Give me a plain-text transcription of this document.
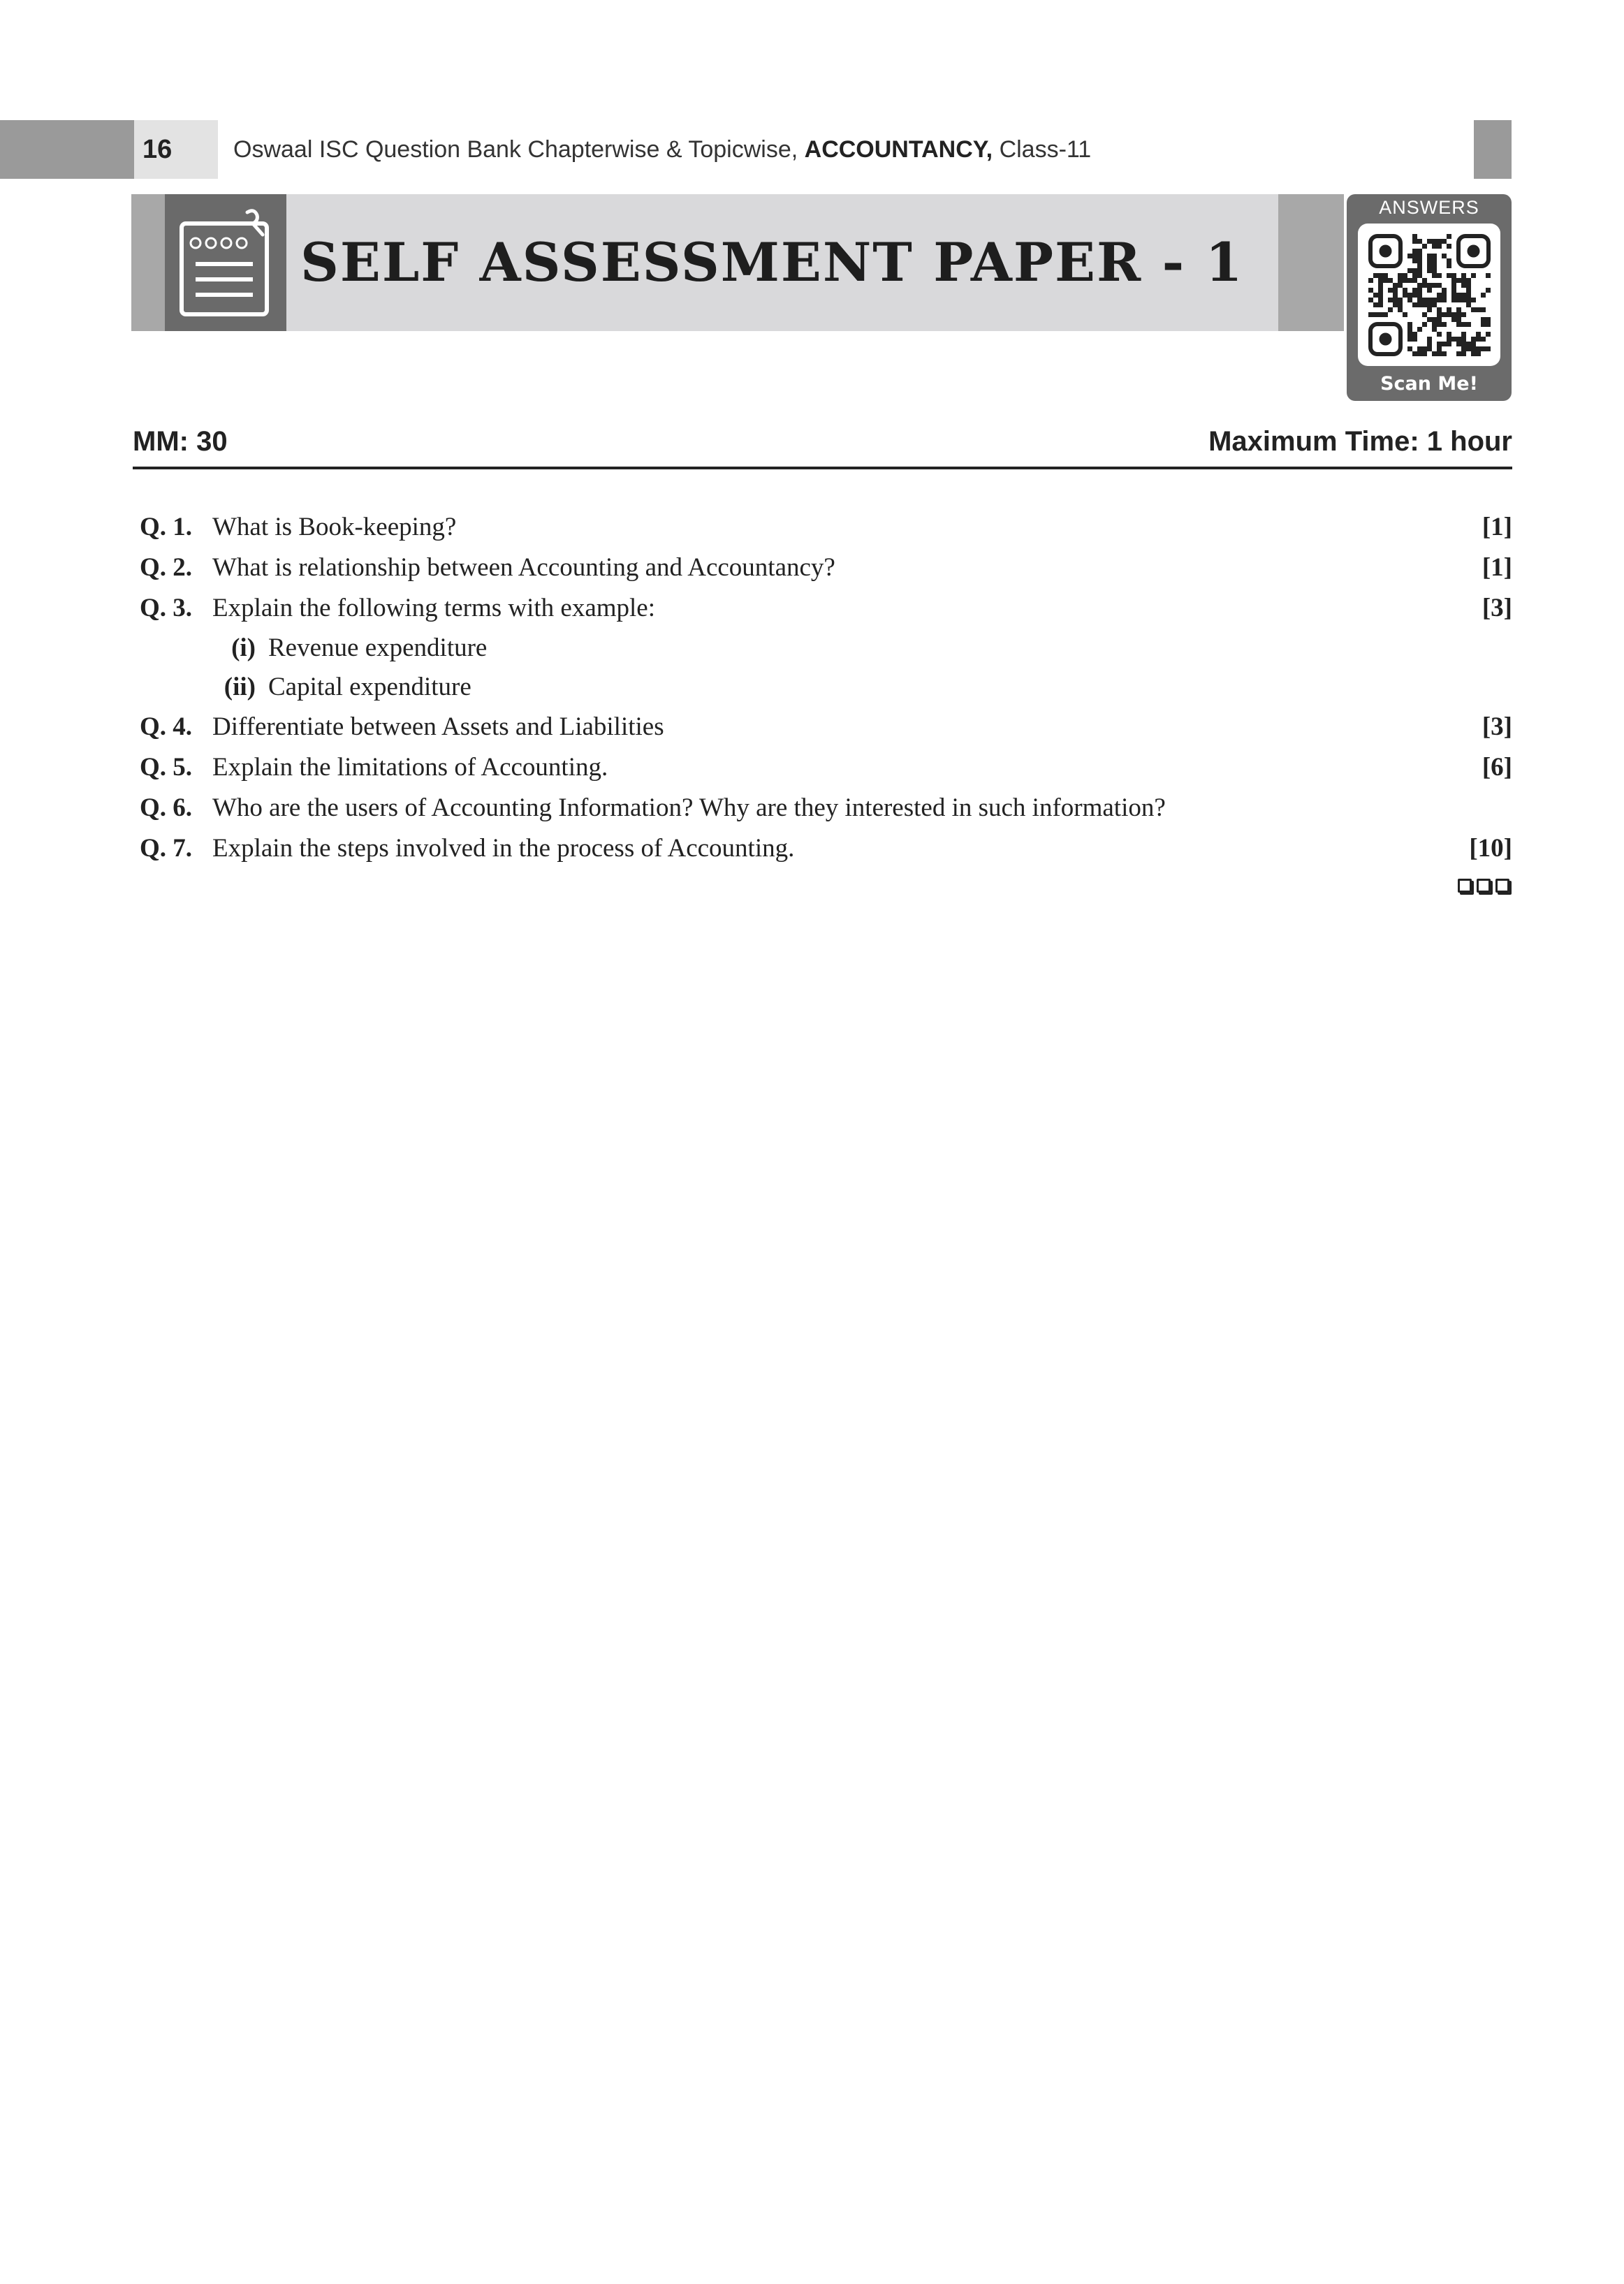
16	Oswaal ISC Question Bank Chapterwise & Topicwise, ACCOUNTANCY, Class-11
SELF ASSESSMENT PAPER - 1
ANSWERS
Scan Me!
MM: 30	Maximum Time: 1 hour
Q. 1. What is Book-keeping?	[1]
Q. 2. What is relationship between Accounting and Accountancy?	[1]
Q. 3. Explain the following terms with example:	[3]
(i) Revenue expenditure
(ii) Capital expenditure
Q. 4. Differentiate between Assets and Liabilities	[3]
Q. 5. Explain the limitations of Accounting.	[6]
Q. 6. Who are the users of Accounting Information? Why are they interested in such information?
Q. 7. Explain the steps involved in the process of Accounting.	[10]
